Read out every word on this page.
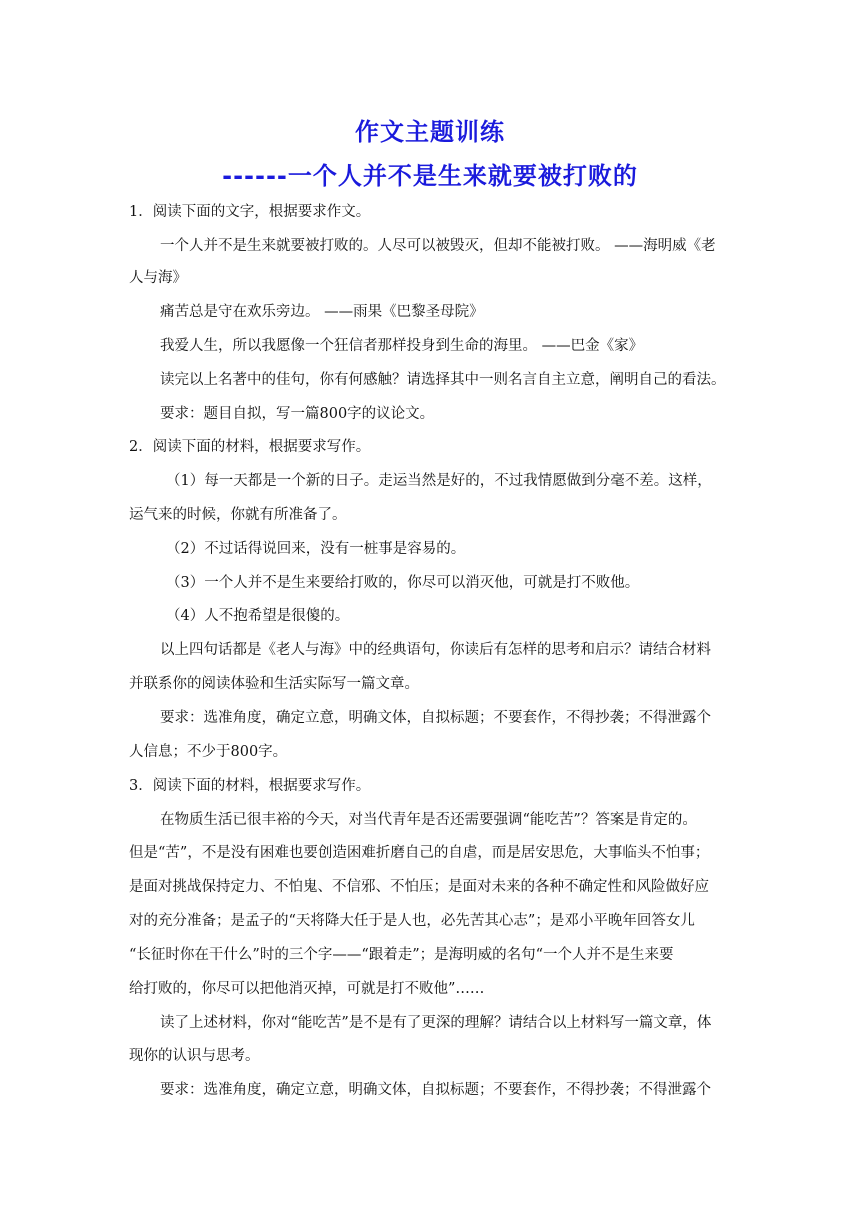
作文主题训练
------一个人并不是生来就要被打败的
1．阅读下面的文字，根据要求作文。
一个人并不是生来就要被打败的。人尽可以被毁灭，但却不能被打败。 ——海明威《老
人与海》
痛苦总是守在欢乐旁边。 ——雨果《巴黎圣母院》
我爱人生，所以我愿像一个狂信者那样投身到生命的海里。 ——巴金《家》
读完以上名著中的佳句，你有何感触？请选择其中一则名言自主立意，阐明自己的看法。
要求：题目自拟，写一篇800字的议论文。
2．阅读下面的材料，根据要求写作。
（1）每一天都是一个新的日子。走运当然是好的，不过我情愿做到分毫不差。这样，
运气来的时候，你就有所准备了。
（2）不过话得说回来，没有一桩事是容易的。
（3）一个人并不是生来要给打败的，你尽可以消灭他，可就是打不败他。
（4）人不抱希望是很傻的。
以上四句话都是《老人与海》中的经典语句，你读后有怎样的思考和启示？请结合材料
并联系你的阅读体验和生活实际写一篇文章。
要求：选准角度，确定立意，明确文体，自拟标题；不要套作，不得抄袭；不得泄露个
人信息；不少于800字。
3．阅读下面的材料，根据要求写作。
在物质生活已很丰裕的今天，对当代青年是否还需要强调“能吃苦”？答案是肯定的。
但是“苦”，不是没有困难也要创造困难折磨自己的自虐，而是居安思危，大事临头不怕事；
是面对挑战保持定力、不怕鬼、不信邪、不怕压；是面对未来的各种不确定性和风险做好应
对的充分准备；是孟子的“天将降大任于是人也，必先苦其心志”；是邓小平晚年回答女儿
“长征时你在干什么”时的三个字——“跟着走”；是海明威的名句“一个人并不是生来要
给打败的，你尽可以把他消灭掉，可就是打不败他”……
读了上述材料，你对“能吃苦”是不是有了更深的理解？请结合以上材料写一篇文章，体
现你的认识与思考。
要求：选准角度，确定立意，明确文体，自拟标题；不要套作，不得抄袭；不得泄露个
